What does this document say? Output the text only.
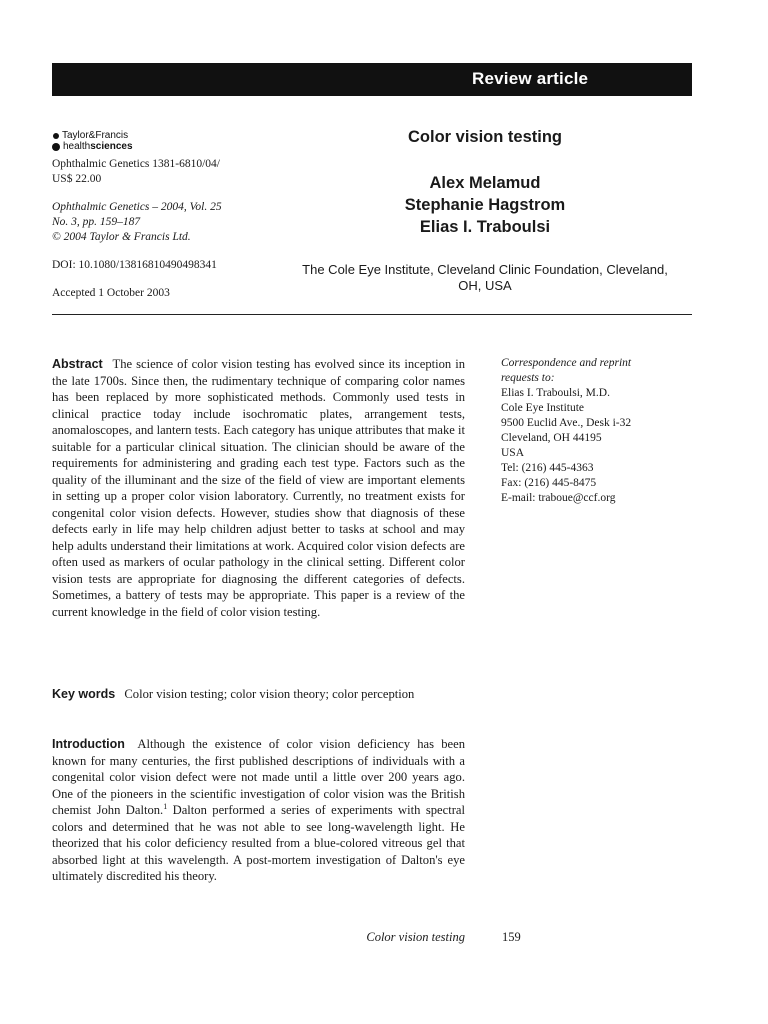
Review article
Taylor&Francis
healthsciences
Ophthalmic Genetics 1381-6810/04/
US$ 22.00
Ophthalmic Genetics – 2004, Vol. 25
No. 3, pp. 159–187
© 2004 Taylor & Francis Ltd.
DOI: 10.1080/13816810490498341
Accepted 1 October 2003
Color vision testing
Alex Melamud
Stephanie Hagstrom
Elias I. Traboulsi
The Cole Eye Institute, Cleveland Clinic Foundation, Cleveland,
OH, USA
Abstract The science of color vision testing has evolved since its inception in the late 1700s. Since then, the rudimentary technique of comparing color names has been replaced by more sophisticated methods. Commonly used tests in clinical practice today include isochromatic plates, arrangement tests, anomaloscopes, and lantern tests. Each category has unique attributes that make it suitable for a particular clinical situation. The clinician should be aware of the requirements for administering and grading each test type. Factors such as the quality of the illuminant and the size of the field of view are important elements in setting up a proper color vision laboratory. Currently, no treatment exists for congenital color vision defects. However, studies show that diagnosis of these defects early in life may help children adjust better to tasks at school and may help adults understand their limitations at work. Acquired color vision defects are often used as markers of ocular pathology in the clinical setting. Different color vision tests are appropriate for diagnosing the different categories of defects. Sometimes, a battery of tests may be appropriate. This paper is a review of the current knowledge in the field of color vision testing.
Key words Color vision testing; color vision theory; color perception
Introduction Although the existence of color vision deficiency has been known for many centuries, the first published descriptions of individuals with a congenital color vision defect were not made until a little over 200 years ago. One of the pioneers in the scientific investigation of color vision was the British chemist John Dalton.$^1$ Dalton performed a series of experiments with spectral colors and determined that he was not able to see long-wavelength light. He theorized that his color deficiency resulted from a blue-colored vitreous gel that absorbed light at this wavelength. A post-mortem investigation of Dalton's eye ultimately discredited his theory.
Correspondence and reprint
requests to:
Elias I. Traboulsi, M.D.
Cole Eye Institute
9500 Euclid Ave., Desk i-32
Cleveland, OH 44195
USA
Tel: (216) 445-4363
Fax: (216) 445-8475
E-mail: traboue@ccf.org
Color vision testing	159
